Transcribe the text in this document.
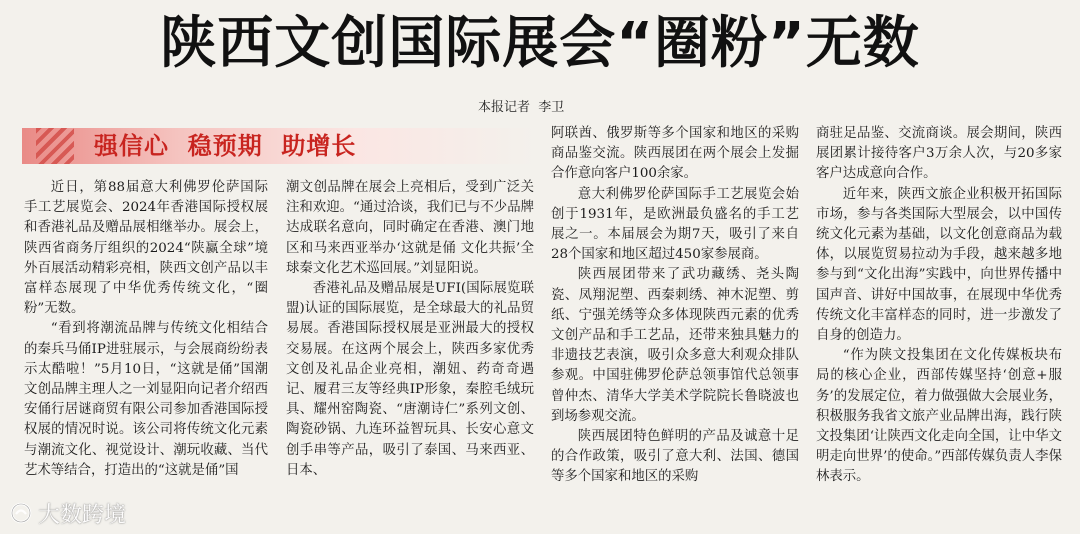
陕西文创国际展会“圈粉”无数
本报记者  李卫
强信心  稳预期  助增长

近日，第88届意大利佛罗伦萨国际手工艺展览会、2024年香港国际授权展和香港礼品及赠品展相继举办。展会上，陕西省商务厅组织的2024“陕赢全球”境外百展活动精彩亮相，陕西文创产品以丰富样态展现了中华优秀传统文化，“圈粉”无数。

“看到将潮流品牌与传统文化相结合的秦兵马俑IP进驻展示，与会展商纷纷表示太酷啦！”5月10日，“这就是俑”国潮文创品牌主理人之一刘显阳向记者介绍西安俑行居谜商贸有限公司参加香港国际授权展的情况时说。该公司将传统文化元素与潮流文化、视觉设计、潮玩收藏、当代艺术等结合，打造出的“这就是俑”国

潮文创品牌在展会上亮相后，受到广泛关注和欢迎。“通过洽谈，我们已与不少品牌达成联名意向，同时确定在香港、澳门地区和马来西亚举办‘这就是俑 文化共振’全球秦文化艺术巡回展。”刘显阳说。

香港礼品及赠品展是UFI(国际展览联盟)认证的国际展览，是全球最大的礼品贸易展。香港国际授权展是亚洲最大的授权交易展。在这两个展会上，陕西多家优秀文创及礼品企业亮相，潮妞、药奇奇遇记、履君三友等经典IP形象，秦腔毛绒玩具、耀州窑陶瓷、“唐潮诗仁”系列文创、陶瓷砂锅、九连环益智玩具、长安心意文创手串等产品，吸引了泰国、马来西亚、日本、

阿联酋、俄罗斯等多个国家和地区的采购商品鉴交流。陕西展团在两个展会上发掘合作意向客户100余家。

意大利佛罗伦萨国际手工艺展览会始创于1931年，是欧洲最负盛名的手工艺展之一。本届展会为期7天，吸引了来自28个国家和地区超过450家参展商。

陕西展团带来了武功藏绣、尧头陶瓷、凤翔泥塑、西秦刺绣、神木泥塑、剪纸、宁强羌绣等众多体现陕西元素的优秀文创产品和手工艺品，还带来独具魅力的非遗技艺表演，吸引众多意大利观众排队参观。中国驻佛罗伦萨总领事馆代总领事曾仲杰、清华大学美术学院院长鲁晓波也到场参观交流。

陕西展团特色鲜明的产品及诚意十足的合作政策，吸引了意大利、法国、德国等多个国家和地区的采购

商驻足品鉴、交流商谈。展会期间，陕西展团累计接待客户3万余人次，与20多家客户达成意向合作。

近年来，陕西文旅企业积极开拓国际市场，参与各类国际大型展会，以中国传统文化元素为基础，以文化创意商品为载体，以展览贸易拉动为手段，越来越多地参与到“文化出海”实践中，向世界传播中国声音、讲好中国故事，在展现中华优秀传统文化丰富样态的同时，进一步激发了自身的创造力。

“作为陕文投集团在文化传媒板块布局的核心企业，西部传媒坚持‘创意+服务’的发展定位，着力做强做大会展业务，积极服务我省文旅产业品牌出海，践行陕文投集团‘让陕西文化走向全国，让中华文明走向世界’的使命。”西部传媒负责人李保林表示。

大数跨境
